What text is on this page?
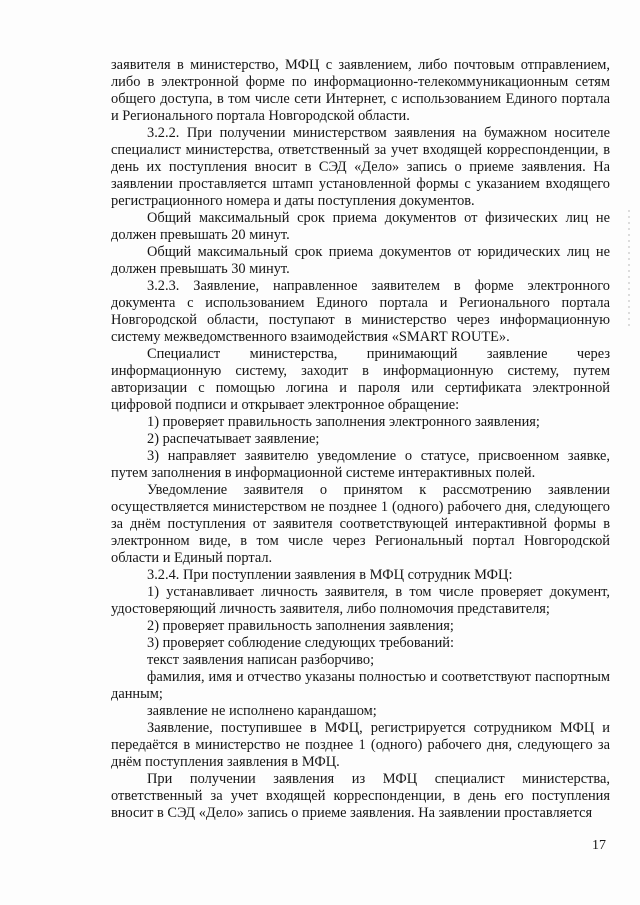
заявителя в министерство, МФЦ с заявлением, либо почтовым отправлением, либо в электронной форме по информационно-телекоммуникационным сетям общего доступа, в том числе сети Интернет, с использованием Единого портала и Регионального портала Новгородской области.

3.2.2. При получении министерством заявления на бумажном носителе специалист министерства, ответственный за учет входящей корреспонденции, в день их поступления вносит в СЭД «Дело» запись о приеме заявления. На заявлении проставляется штамп установленной формы с указанием входящего регистрационного номера и даты поступления документов.

Общий максимальный срок приема документов от физических лиц не должен превышать 20 минут.

Общий максимальный срок приема документов от юридических лиц не должен превышать 30 минут.

3.2.3. Заявление, направленное заявителем в форме электронного документа с использованием Единого портала и Регионального портала Новгородской области, поступают в министерство через информационную систему межведомственного взаимодействия «SMART ROUTE».

Специалист министерства, принимающий заявление через информационную систему, заходит в информационную систему, путем авторизации с помощью логина и пароля или сертификата электронной цифровой подписи и открывает электронное обращение:

1) проверяет правильность заполнения электронного заявления;

2) распечатывает заявление;

3) направляет заявителю уведомление о статусе, присвоенном заявке, путем заполнения в информационной системе интерактивных полей.

Уведомление заявителя о принятом к рассмотрению заявлении осуществляется министерством не позднее 1 (одного) рабочего дня, следующего за днём поступления от заявителя соответствующей интерактивной формы в электронном виде, в том числе через Региональный портал Новгородской области и Единый портал.

3.2.4. При поступлении заявления в МФЦ сотрудник МФЦ:

1) устанавливает личность заявителя, в том числе проверяет документ, удостоверяющий личность заявителя, либо полномочия представителя;

2) проверяет правильность заполнения заявления;

3) проверяет соблюдение следующих требований:

текст заявления написан разборчиво;

фамилия, имя и отчество указаны полностью и соответствуют паспортным данным;

заявление не исполнено карандашом;

Заявление, поступившее в МФЦ, регистрируется сотрудником МФЦ и передаётся в министерство не позднее 1 (одного) рабочего дня, следующего за днём поступления заявления в МФЦ.

При получении заявления из МФЦ специалист министерства, ответственный за учет входящей корреспонденции, в день его поступления вносит в СЭД «Дело» запись о приеме заявления. На заявлении проставляется

17
